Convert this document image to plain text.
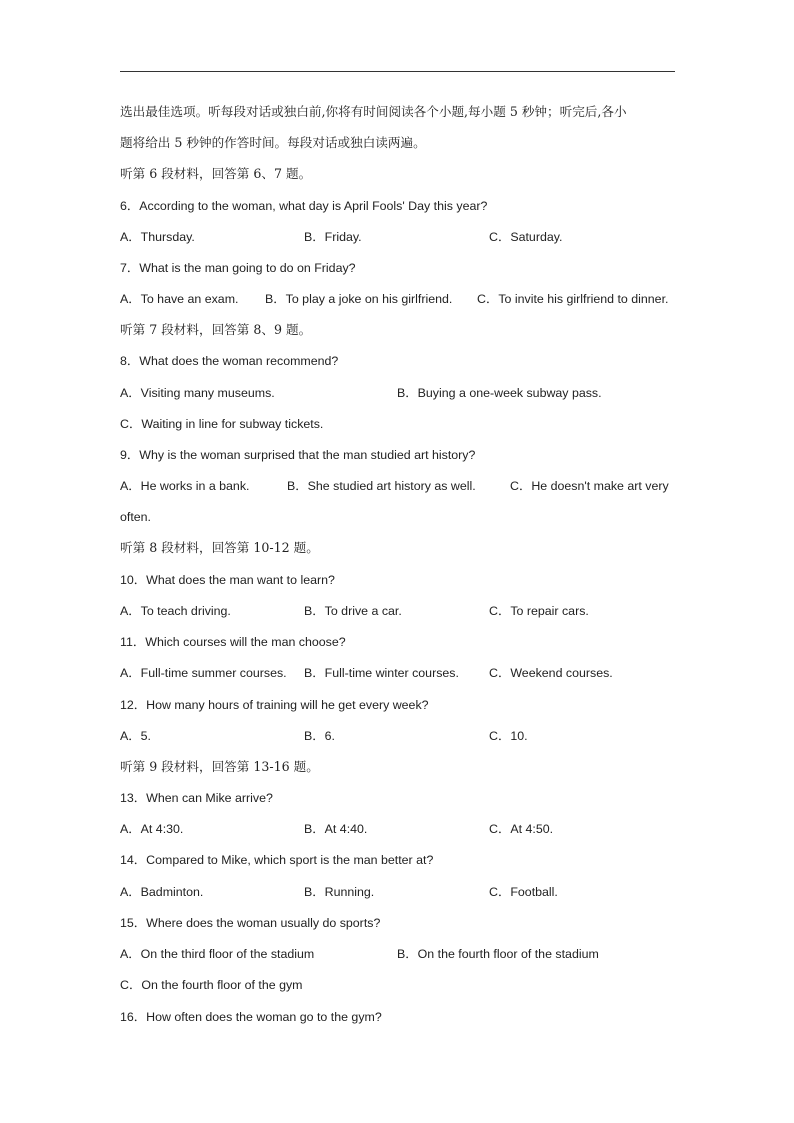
选出最佳选项。听每段对话或独白前,你将有时间阅读各个小题,每小题 5 秒钟；听完后,各小
题将给出 5 秒钟的作答时间。每段对话或独白读两遍。
听第 6 段材料，回答第 6、7 题。
6．According to the woman, what day is April Fools' Day this year?
A．Thursday.	B．Friday.	C．Saturday.
7．What is the man going to do on Friday?
A．To have an exam. B．To play a joke on his girlfriend. C．To invite his girlfriend to dinner.
听第 7 段材料，回答第 8、9 题。
8．What does the woman recommend?
A．Visiting many museums.	B．Buying a one-week subway pass.
C．Waiting in line for subway tickets.
9．Why is the woman surprised that the man studied art history?
A．He works in a bank.	B．She studied art history as well.	C．He doesn't make art very
often.
听第 8 段材料，回答第 10-12 题。
10．What does the man want to learn?
A．To teach driving.	B．To drive a car.	C．To repair cars.
11．Which courses will the man choose?
A．Full-time summer courses. B．Full-time winter courses. C．Weekend courses.
12．How many hours of training will he get every week?
A．5.	B．6.	C．10.
听第 9 段材料，回答第 13-16 题。
13．When can Mike arrive?
A．At 4:30.	B．At 4:40.	C．At 4:50.
14．Compared to Mike, which sport is the man better at?
A．Badminton.	B．Running.	C．Football.
15．Where does the woman usually do sports?
A．On the third floor of the stadium	B．On the fourth floor of the stadium
C．On the fourth floor of the gym
16．How often does the woman go to the gym?
